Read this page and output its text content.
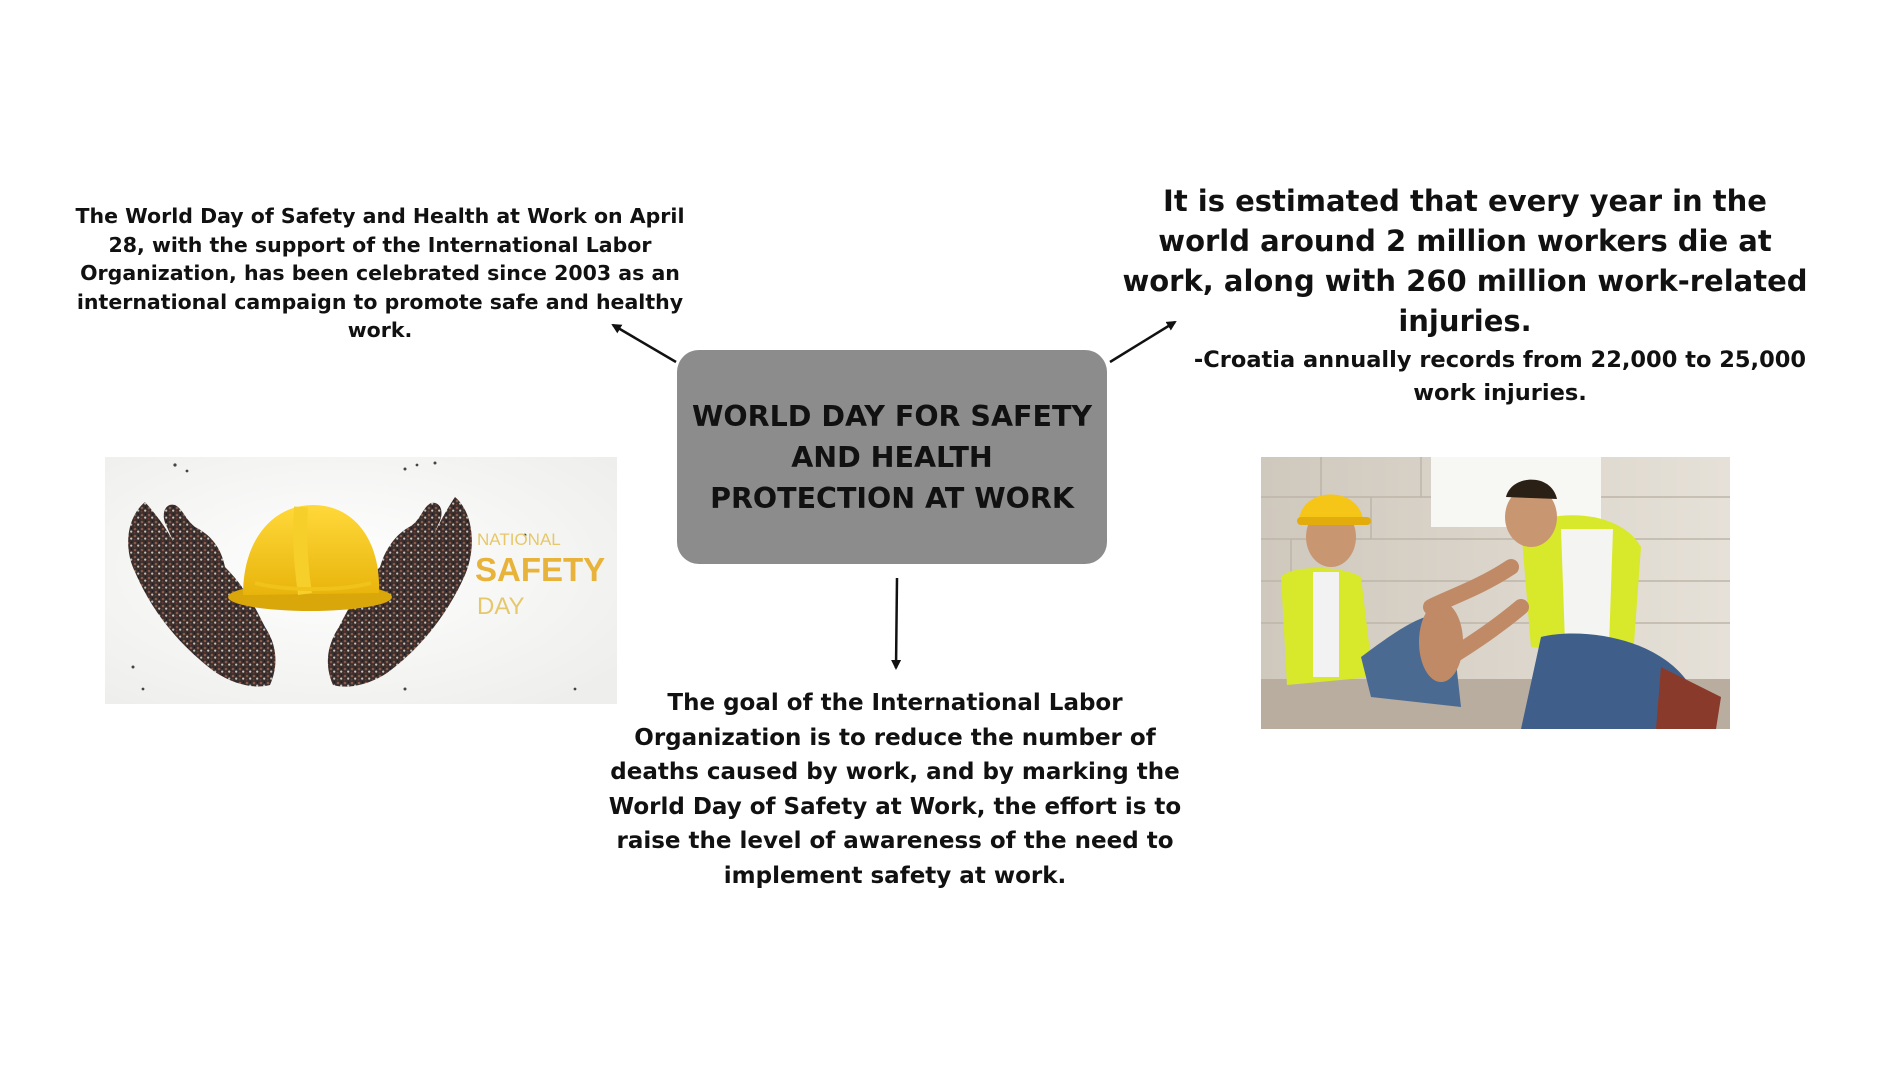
The World Day of Safety and Health at Work on April 28, with the support of the International Labor Organization, has been celebrated since 2003 as an international campaign to promote safe and healthy work.

It is estimated that every year in the world around 2 million workers die at work, along with 260 million work-related injuries.

-Croatia annually records from 22,000 to 25,000 work injuries.

The goal of the International Labor Organization is to reduce the number of deaths caused by work, and by marking the World Day of Safety at Work, the effort is to raise the level of awareness of the need to implement safety at work.

WORLD DAY FOR SAFETY AND HEALTH PROTECTION AT WORK

NATIONAL
SAFETY
DAY
